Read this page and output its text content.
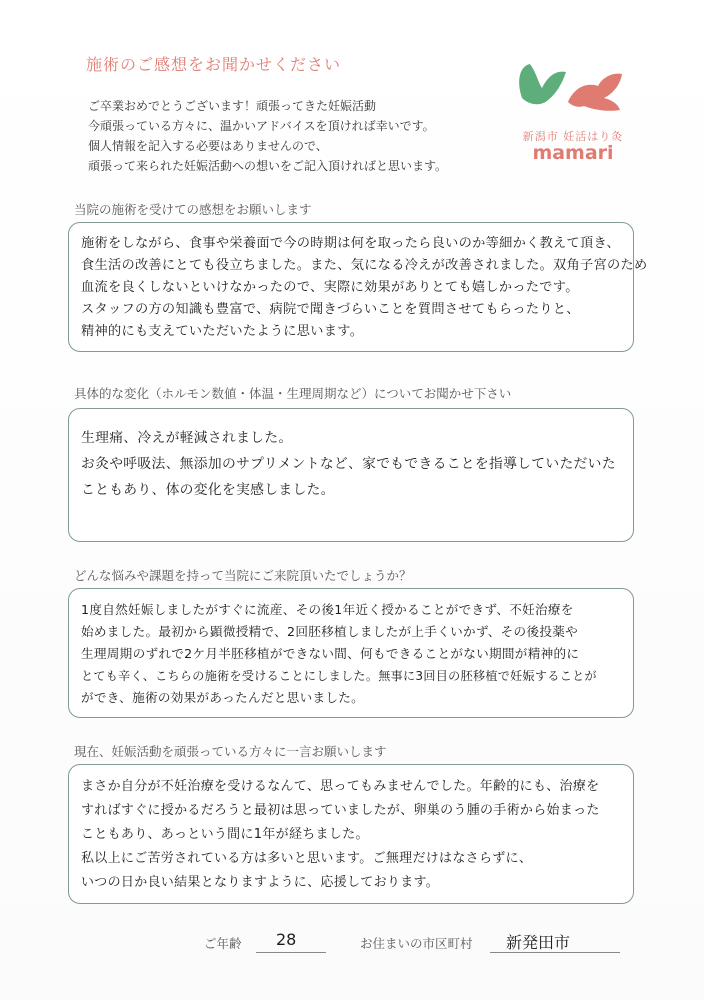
施術のご感想をお聞かせください
ご卒業おめでとうございます！頑張ってきた妊娠活動
今頑張っている方々に、温かいアドバイスを頂ければ幸いです。
個人情報を記入する必要はありませんので、
頑張って来られた妊娠活動への想いをご記入頂ければと思います。
新潟市 妊活はり灸
mamari
当院の施術を受けての感想をお願いします
施術をしながら、食事や栄養面で今の時期は何を取ったら良いのか等細かく教えて頂き、
食生活の改善にとても役立ちました。また、気になる冷えが改善されました。双角子宮のため
血流を良くしないといけなかったので、実際に効果がありとても嬉しかったです。
スタッフの方の知識も豊富で、病院で聞きづらいことを質問させてもらったりと、
精神的にも支えていただいたように思います。
具体的な変化（ホルモン数値・体温・生理周期など）についてお聞かせ下さい
生理痛、冷えが軽減されました。
お灸や呼吸法、無添加のサプリメントなど、家でもできることを指導していただいた
こともあり、体の変化を実感しました。
どんな悩みや課題を持って当院にご来院頂いたでしょうか？
1度自然妊娠しましたがすぐに流産、その後1年近く授かることができず、不妊治療を
始めました。最初から顕微授精で、2回胚移植しましたが上手くいかず、その後投薬や
生理周期のずれで2ケ月半胚移植ができない間、何もできることがない期間が精神的に
とても辛く、こちらの施術を受けることにしました。無事に3回目の胚移植で妊娠することが
ができ、施術の効果があったんだと思いました。
現在、妊娠活動を頑張っている方々に一言お願いします
まさか自分が不妊治療を受けるなんて、思ってもみませんでした。年齢的にも、治療を
すればすぐに授かるだろうと最初は思っていましたが、卵巣のう腫の手術から始まった
こともあり、あっという間に1年が経ちました。
私以上にご苦労されている方は多いと思います。ご無理だけはなさらずに、
いつの日か良い結果となりますように、応援しております。
ご年齢 28	お住まいの市区町村 新発田市
